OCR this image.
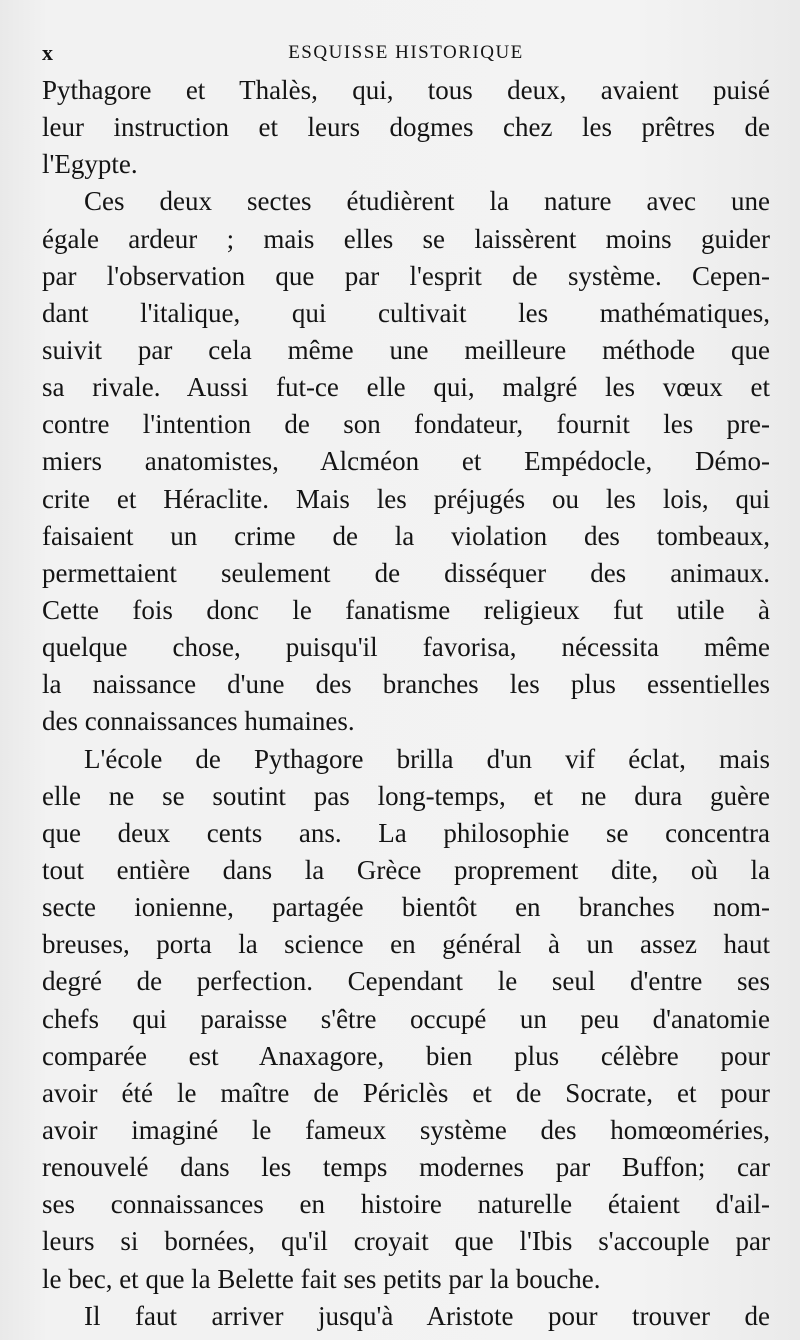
x	ESQUISSE HISTORIQUE
Pythagore et Thalès, qui, tous deux, avaient puisé
leur instruction et leurs dogmes chez les prêtres de
l'Egypte.
Ces deux sectes étudièrent la nature avec une
égale ardeur ; mais elles se laissèrent moins guider
par l'observation que par l'esprit de système. Cepen-
dant l'italique, qui cultivait les mathématiques,
suivit par cela même une meilleure méthode que
sa rivale. Aussi fut-ce elle qui, malgré les vœux et
contre l'intention de son fondateur, fournit les pre-
miers anatomistes, Alcméon et Empédocle, Démo-
crite et Héraclite. Mais les préjugés ou les lois, qui
faisaient un crime de la violation des tombeaux,
permettaient seulement de disséquer des animaux.
Cette fois donc le fanatisme religieux fut utile à
quelque chose, puisqu'il favorisa, nécessita même
la naissance d'une des branches les plus essentielles
des connaissances humaines.
L'école de Pythagore brilla d'un vif éclat, mais
elle ne se soutint pas long-temps, et ne dura guère
que deux cents ans. La philosophie se concentra
tout entière dans la Grèce proprement dite, où la
secte ionienne, partagée bientôt en branches nom-
breuses, porta la science en général à un assez haut
degré de perfection. Cependant le seul d'entre ses
chefs qui paraisse s'être occupé un peu d'anatomie
comparée est Anaxagore, bien plus célèbre pour
avoir été le maître de Périclès et de Socrate, et pour
avoir imaginé le fameux système des homœoméries,
renouvelé dans les temps modernes par Buffon; car
ses connaissances en histoire naturelle étaient d'ail-
leurs si bornées, qu'il croyait que l'Ibis s'accouple par
le bec, et que la Belette fait ses petits par la bouche.
Il faut arriver jusqu'à Aristote pour trouver de
